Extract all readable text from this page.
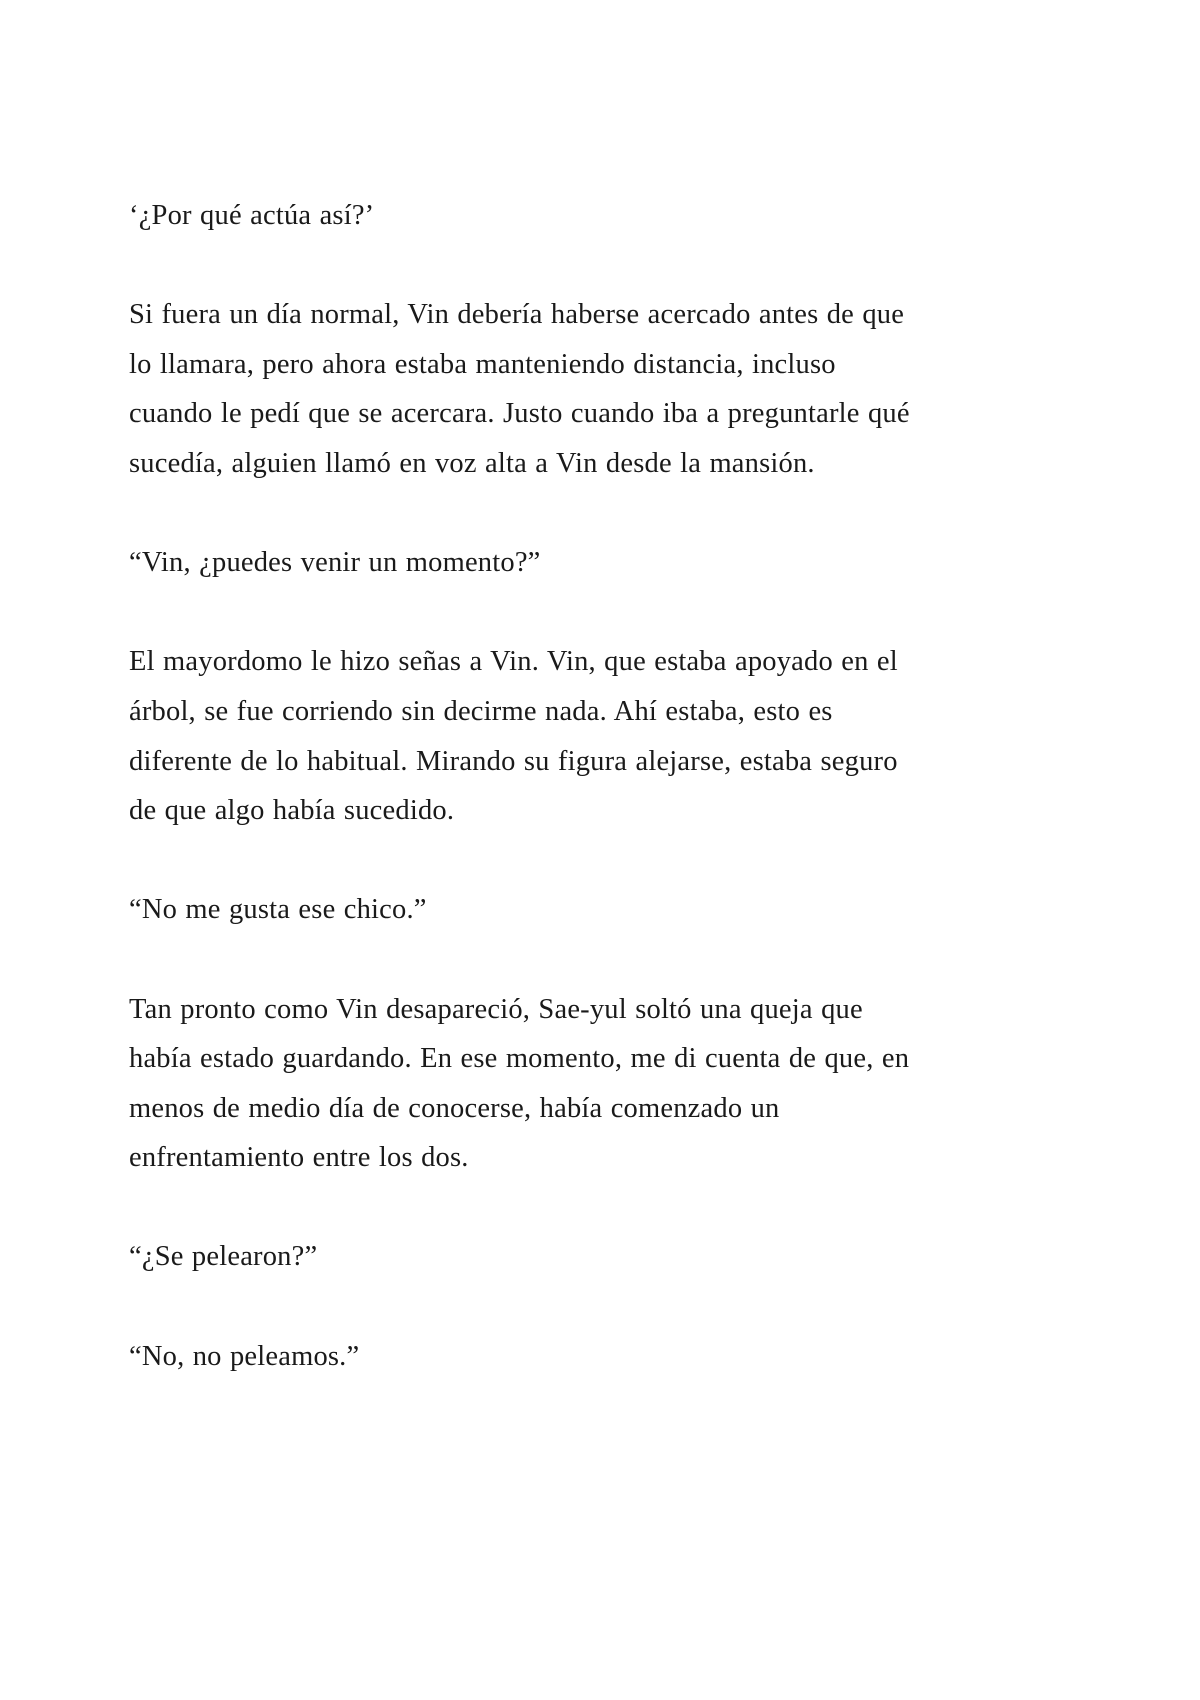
‘¿Por qué actúa así?’

Si fuera un día normal, Vin debería haberse acercado antes de que
lo llamara, pero ahora estaba manteniendo distancia, incluso
cuando le pedí que se acercara. Justo cuando iba a preguntarle qué
sucedía, alguien llamó en voz alta a Vin desde la mansión.

“Vin, ¿puedes venir un momento?”

El mayordomo le hizo señas a Vin. Vin, que estaba apoyado en el
árbol, se fue corriendo sin decirme nada. Ahí estaba, esto es
diferente de lo habitual. Mirando su figura alejarse, estaba seguro
de que algo había sucedido.

“No me gusta ese chico.”

Tan pronto como Vin desapareció, Sae-yul soltó una queja que
había estado guardando. En ese momento, me di cuenta de que, en
menos de medio día de conocerse, había comenzado un
enfrentamiento entre los dos.

“¿Se pelearon?”

“No, no peleamos.”
